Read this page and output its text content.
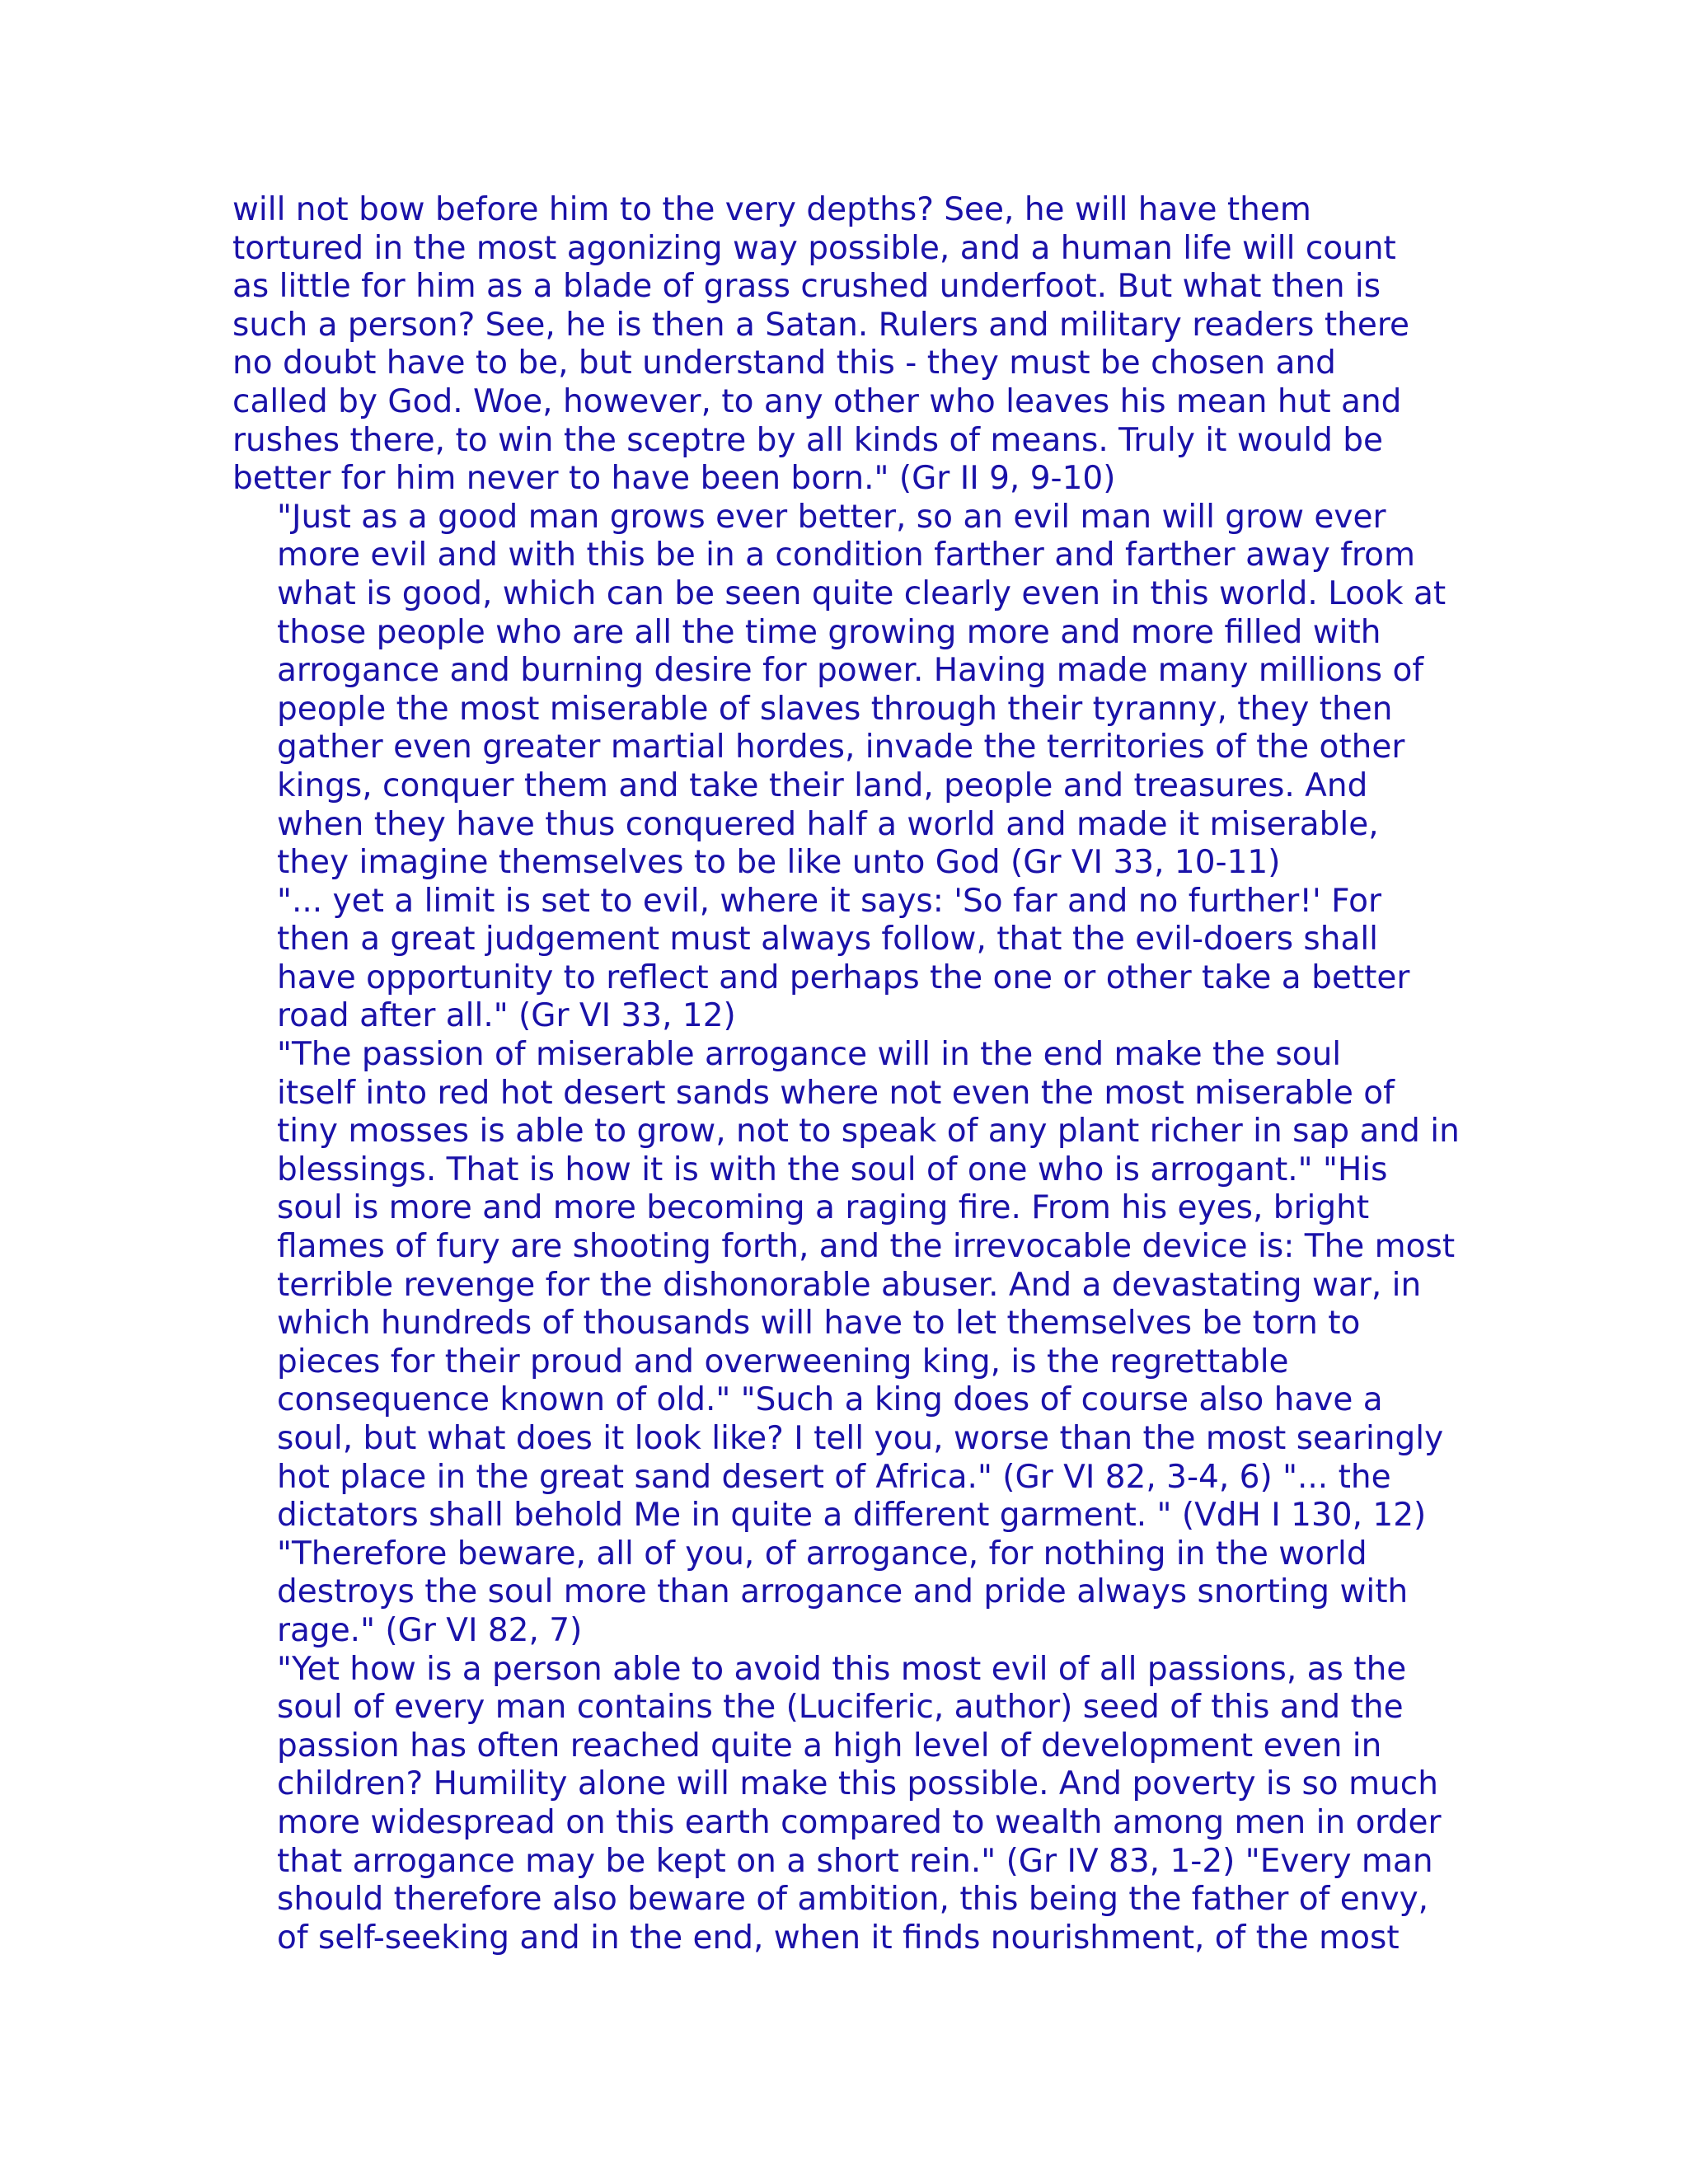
will not bow before him to the very depths? See, he will have them
tortured in the most agonizing way possible, and a human life will count
as little for him as a blade of grass crushed underfoot. But what then is
such a person? See, he is then a Satan. Rulers and military readers there
no doubt have to be, but understand this - they must be chosen and
called by God. Woe, however, to any other who leaves his mean hut and
rushes there, to win the sceptre by all kinds of means. Truly it would be
better for him never to have been born." (Gr II 9, 9-10)

"Just as a good man grows ever better, so an evil man will grow ever
more evil and with this be in a condition farther and farther away from
what is good, which can be seen quite clearly even in this world. Look at
those people who are all the time growing more and more filled with
arrogance and burning desire for power. Having made many millions of
people the most miserable of slaves through their tyranny, they then
gather even greater martial hordes, invade the territories of the other
kings, conquer them and take their land, people and treasures. And
when they have thus conquered half a world and made it miserable,
they imagine themselves to be like unto God (Gr VI 33, 10-11)

"... yet a limit is set to evil, where it says: 'So far and no further!' For
then a great judgement must always follow, that the evil-doers shall
have opportunity to reflect and perhaps the one or other take a better
road after all." (Gr VI 33, 12)

"The passion of miserable arrogance will in the end make the soul
itself into red hot desert sands where not even the most miserable of
tiny mosses is able to grow, not to speak of any plant richer in sap and in
blessings. That is how it is with the soul of one who is arrogant." "His
soul is more and more becoming a raging fire. From his eyes, bright
flames of fury are shooting forth, and the irrevocable device is: The most
terrible revenge for the dishonorable abuser. And a devastating war, in
which hundreds of thousands will have to let themselves be torn to
pieces for their proud and overweening king, is the regrettable
consequence known of old." "Such a king does of course also have a
soul, but what does it look like? I tell you, worse than the most searingly
hot place in the great sand desert of Africa." (Gr VI 82, 3-4, 6) "... the
dictators shall behold Me in quite a different garment. " (VdH I 130, 12)
"Therefore beware, all of you, of arrogance, for nothing in the world
destroys the soul more than arrogance and pride always snorting with
rage." (Gr VI 82, 7)

"Yet how is a person able to avoid this most evil of all passions, as the
soul of every man contains the (Luciferic, author) seed of this and the
passion has often reached quite a high level of development even in
children? Humility alone will make this possible. And poverty is so much
more widespread on this earth compared to wealth among men in order
that arrogance may be kept on a short rein." (Gr IV 83, 1-2) "Every man
should therefore also beware of ambition, this being the father of envy,
of self-seeking and in the end, when it finds nourishment, of the most
